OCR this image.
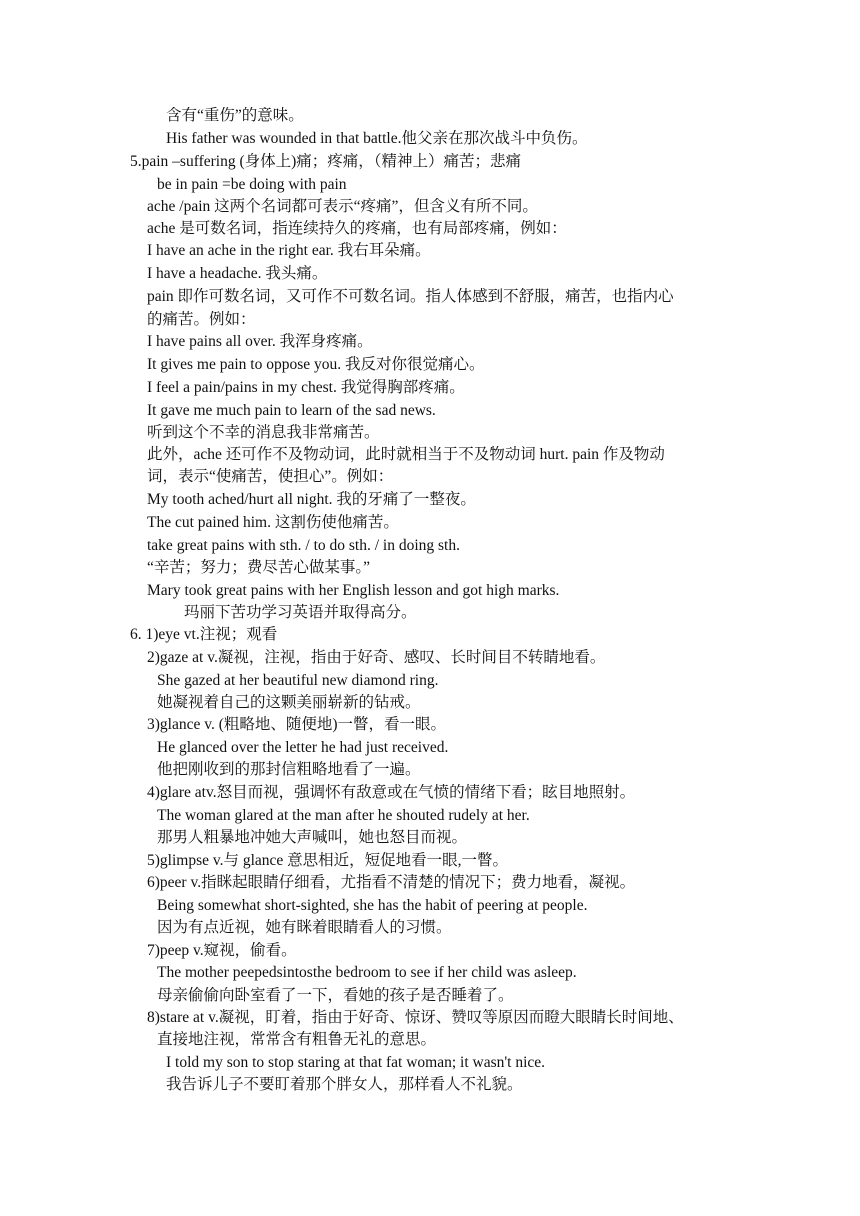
含有“重伤”的意味。
His father was wounded in that battle.他父亲在那次战斗中负伤。
5.pain –suffering (身体上)痛；疼痛，（精神上）痛苦；悲痛
be in pain =be doing with pain
ache /pain 这两个名词都可表示“疼痛”，但含义有所不同。
ache 是可数名词，指连续持久的疼痛，也有局部疼痛，例如：
I have an ache in the right ear. 我右耳朵痛。
I have a headache. 我头痛。
pain 即作可数名词，又可作不可数名词。指人体感到不舒服，痛苦，也指内心
的痛苦。例如：
I have pains all over. 我浑身疼痛。
It gives me pain to oppose you. 我反对你很觉痛心。
I feel a pain/pains in my chest. 我觉得胸部疼痛。
It gave me much pain to learn of the sad news.
听到这个不幸的消息我非常痛苦。
此外，ache 还可作不及物动词，此时就相当于不及物动词 hurt. pain 作及物动
词，表示“使痛苦，使担心”。例如：
My tooth ached/hurt all night. 我的牙痛了一整夜。
The cut pained him. 这割伤使他痛苦。
take great pains with sth. / to do sth. / in doing sth.
“辛苦；努力；费尽苦心做某事。”
Mary took great pains with her English lesson and got high marks.
玛丽下苦功学习英语并取得高分。
6. 1)eye vt.注视；观看
2)gaze at v.凝视，注视，指由于好奇、感叹、长时间目不转睛地看。
She gazed at her beautiful new diamond ring.
她凝视着自己的这颗美丽崭新的钻戒。
3)glance v. (粗略地、随便地)一瞥，看一眼。
He glanced over the letter he had just received.
他把刚收到的那封信粗略地看了一遍。
4)glare atv.怒目而视，强调怀有敌意或在气愤的情绪下看；眩目地照射。
The woman glared at the man after he shouted rudely at her.
那男人粗暴地冲她大声喊叫，她也怒目而视。
5)glimpse v.与 glance 意思相近，短促地看一眼,一瞥。
6)peer v.指眯起眼睛仔细看，尤指看不清楚的情况下；费力地看，凝视。
Being somewhat short-sighted, she has the habit of peering at people.
因为有点近视，她有眯着眼睛看人的习惯。
7)peep v.窥视，偷看。
The mother peepedsintosthe bedroom to see if her child was asleep.
母亲偷偷向卧室看了一下，看她的孩子是否睡着了。
8)stare at v.凝视，盯着，指由于好奇、惊讶、赞叹等原因而瞪大眼睛长时间地、
直接地注视，常常含有粗鲁无礼的意思。
I told my son to stop staring at that fat woman; it wasn't nice.
我告诉儿子不要盯着那个胖女人，那样看人不礼貌。
